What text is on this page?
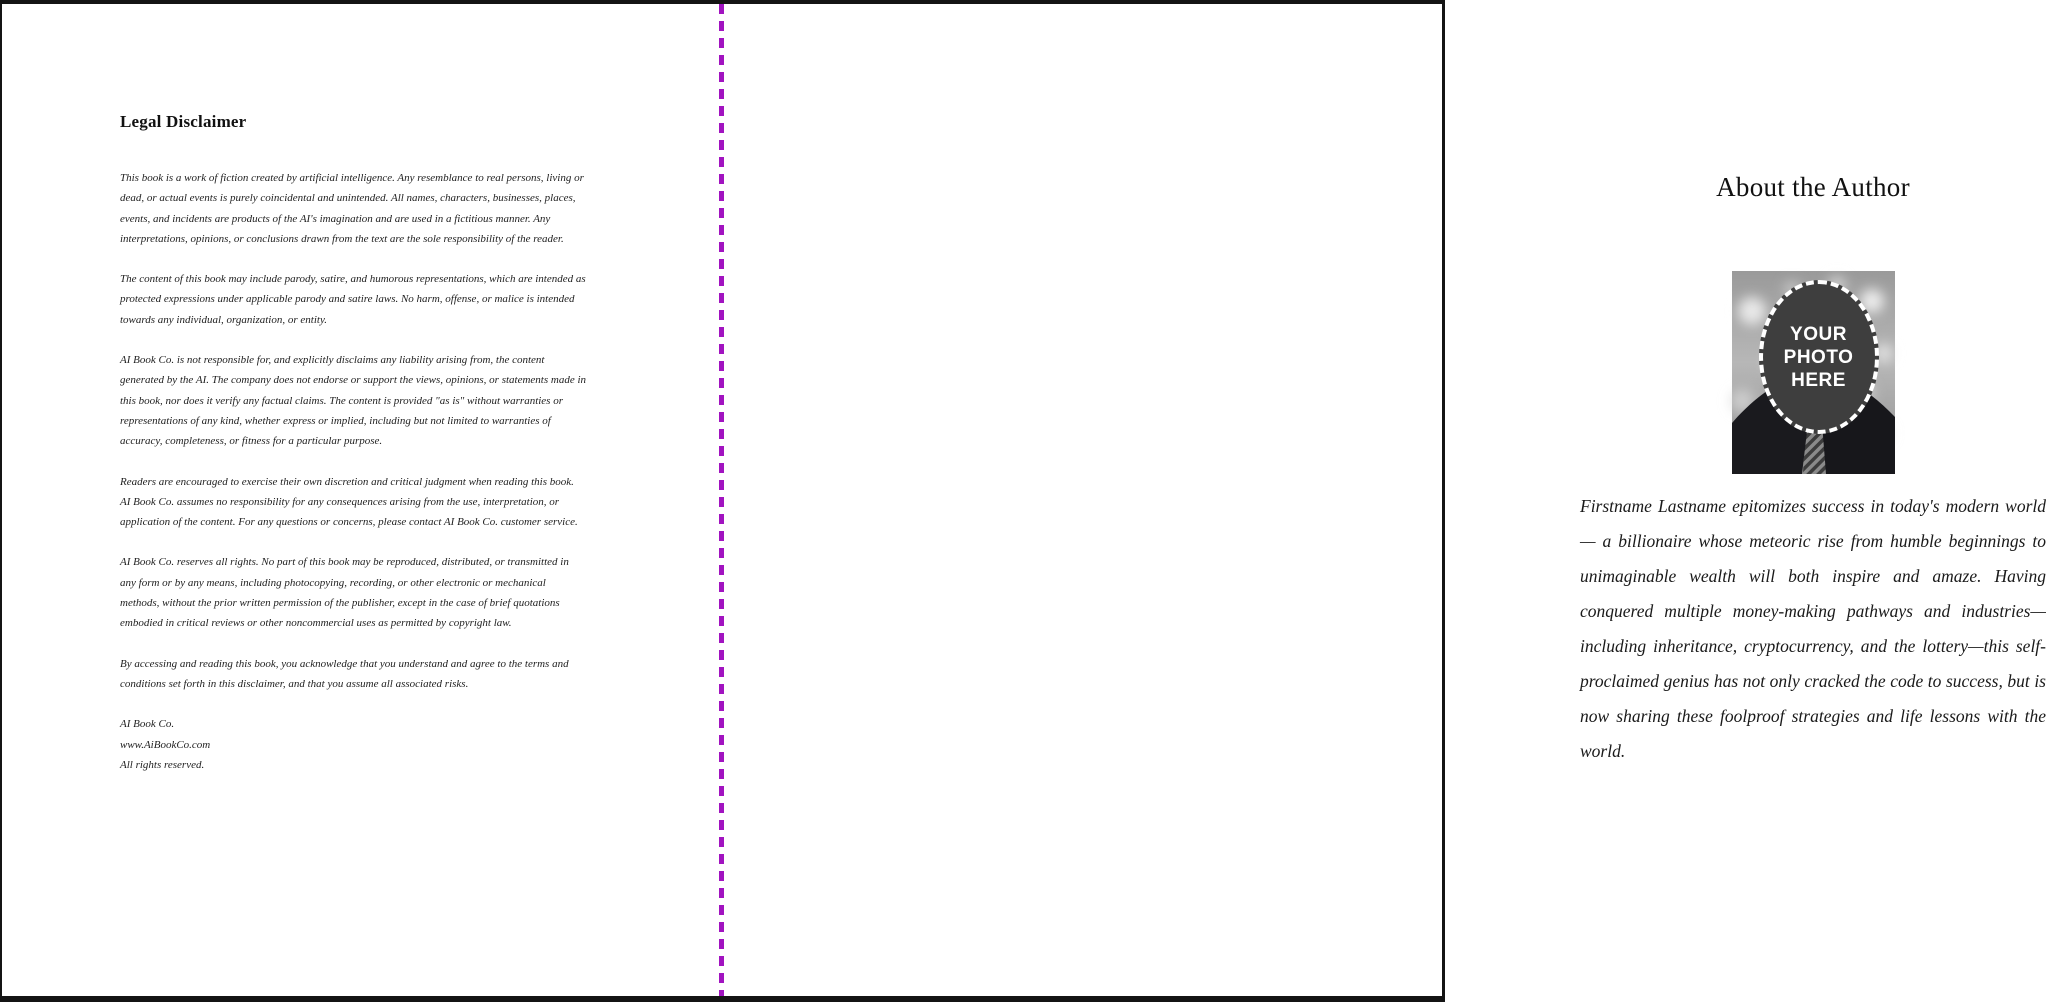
Legal Disclaimer

This book is a work of fiction created by artificial intelligence. Any resemblance to real persons, living or dead, or actual events is purely coincidental and unintended. All names, characters, businesses, places, events, and incidents are products of the AI's imagination and are used in a fictitious manner. Any interpretations, opinions, or conclusions drawn from the text are the sole responsibility of the reader.

The content of this book may include parody, satire, and humorous representations, which are intended as protected expressions under applicable parody and satire laws. No harm, offense, or malice is intended towards any individual, organization, or entity.

AI Book Co. is not responsible for, and explicitly disclaims any liability arising from, the content generated by the AI. The company does not endorse or support the views, opinions, or statements made in this book, nor does it verify any factual claims. The content is provided "as is" without warranties or representations of any kind, whether express or implied, including but not limited to warranties of accuracy, completeness, or fitness for a particular purpose.

Readers are encouraged to exercise their own discretion and critical judgment when reading this book. AI Book Co. assumes no responsibility for any consequences arising from the use, interpretation, or application of the content. For any questions or concerns, please contact AI Book Co. customer service.

AI Book Co. reserves all rights. No part of this book may be reproduced, distributed, or transmitted in any form or by any means, including photocopying, recording, or other electronic or mechanical methods, without the prior written permission of the publisher, except in the case of brief quotations embodied in critical reviews or other noncommercial uses as permitted by copyright law.

By accessing and reading this book, you acknowledge that you understand and agree to the terms and conditions set forth in this disclaimer, and that you assume all associated risks.

AI Book Co.
www.AiBookCo.com
All rights reserved.
About the Author
YOUR PHOTO HERE

Firstname Lastname epitomizes success in today's modern world — a billionaire whose meteoric rise from humble beginnings to unimaginable wealth will both inspire and amaze. Having conquered multiple money-making pathways and industries—including inheritance, cryptocurrency, and the lottery—this self-proclaimed genius has not only cracked the code to success, but is now sharing these foolproof strategies and life lessons with the world.
